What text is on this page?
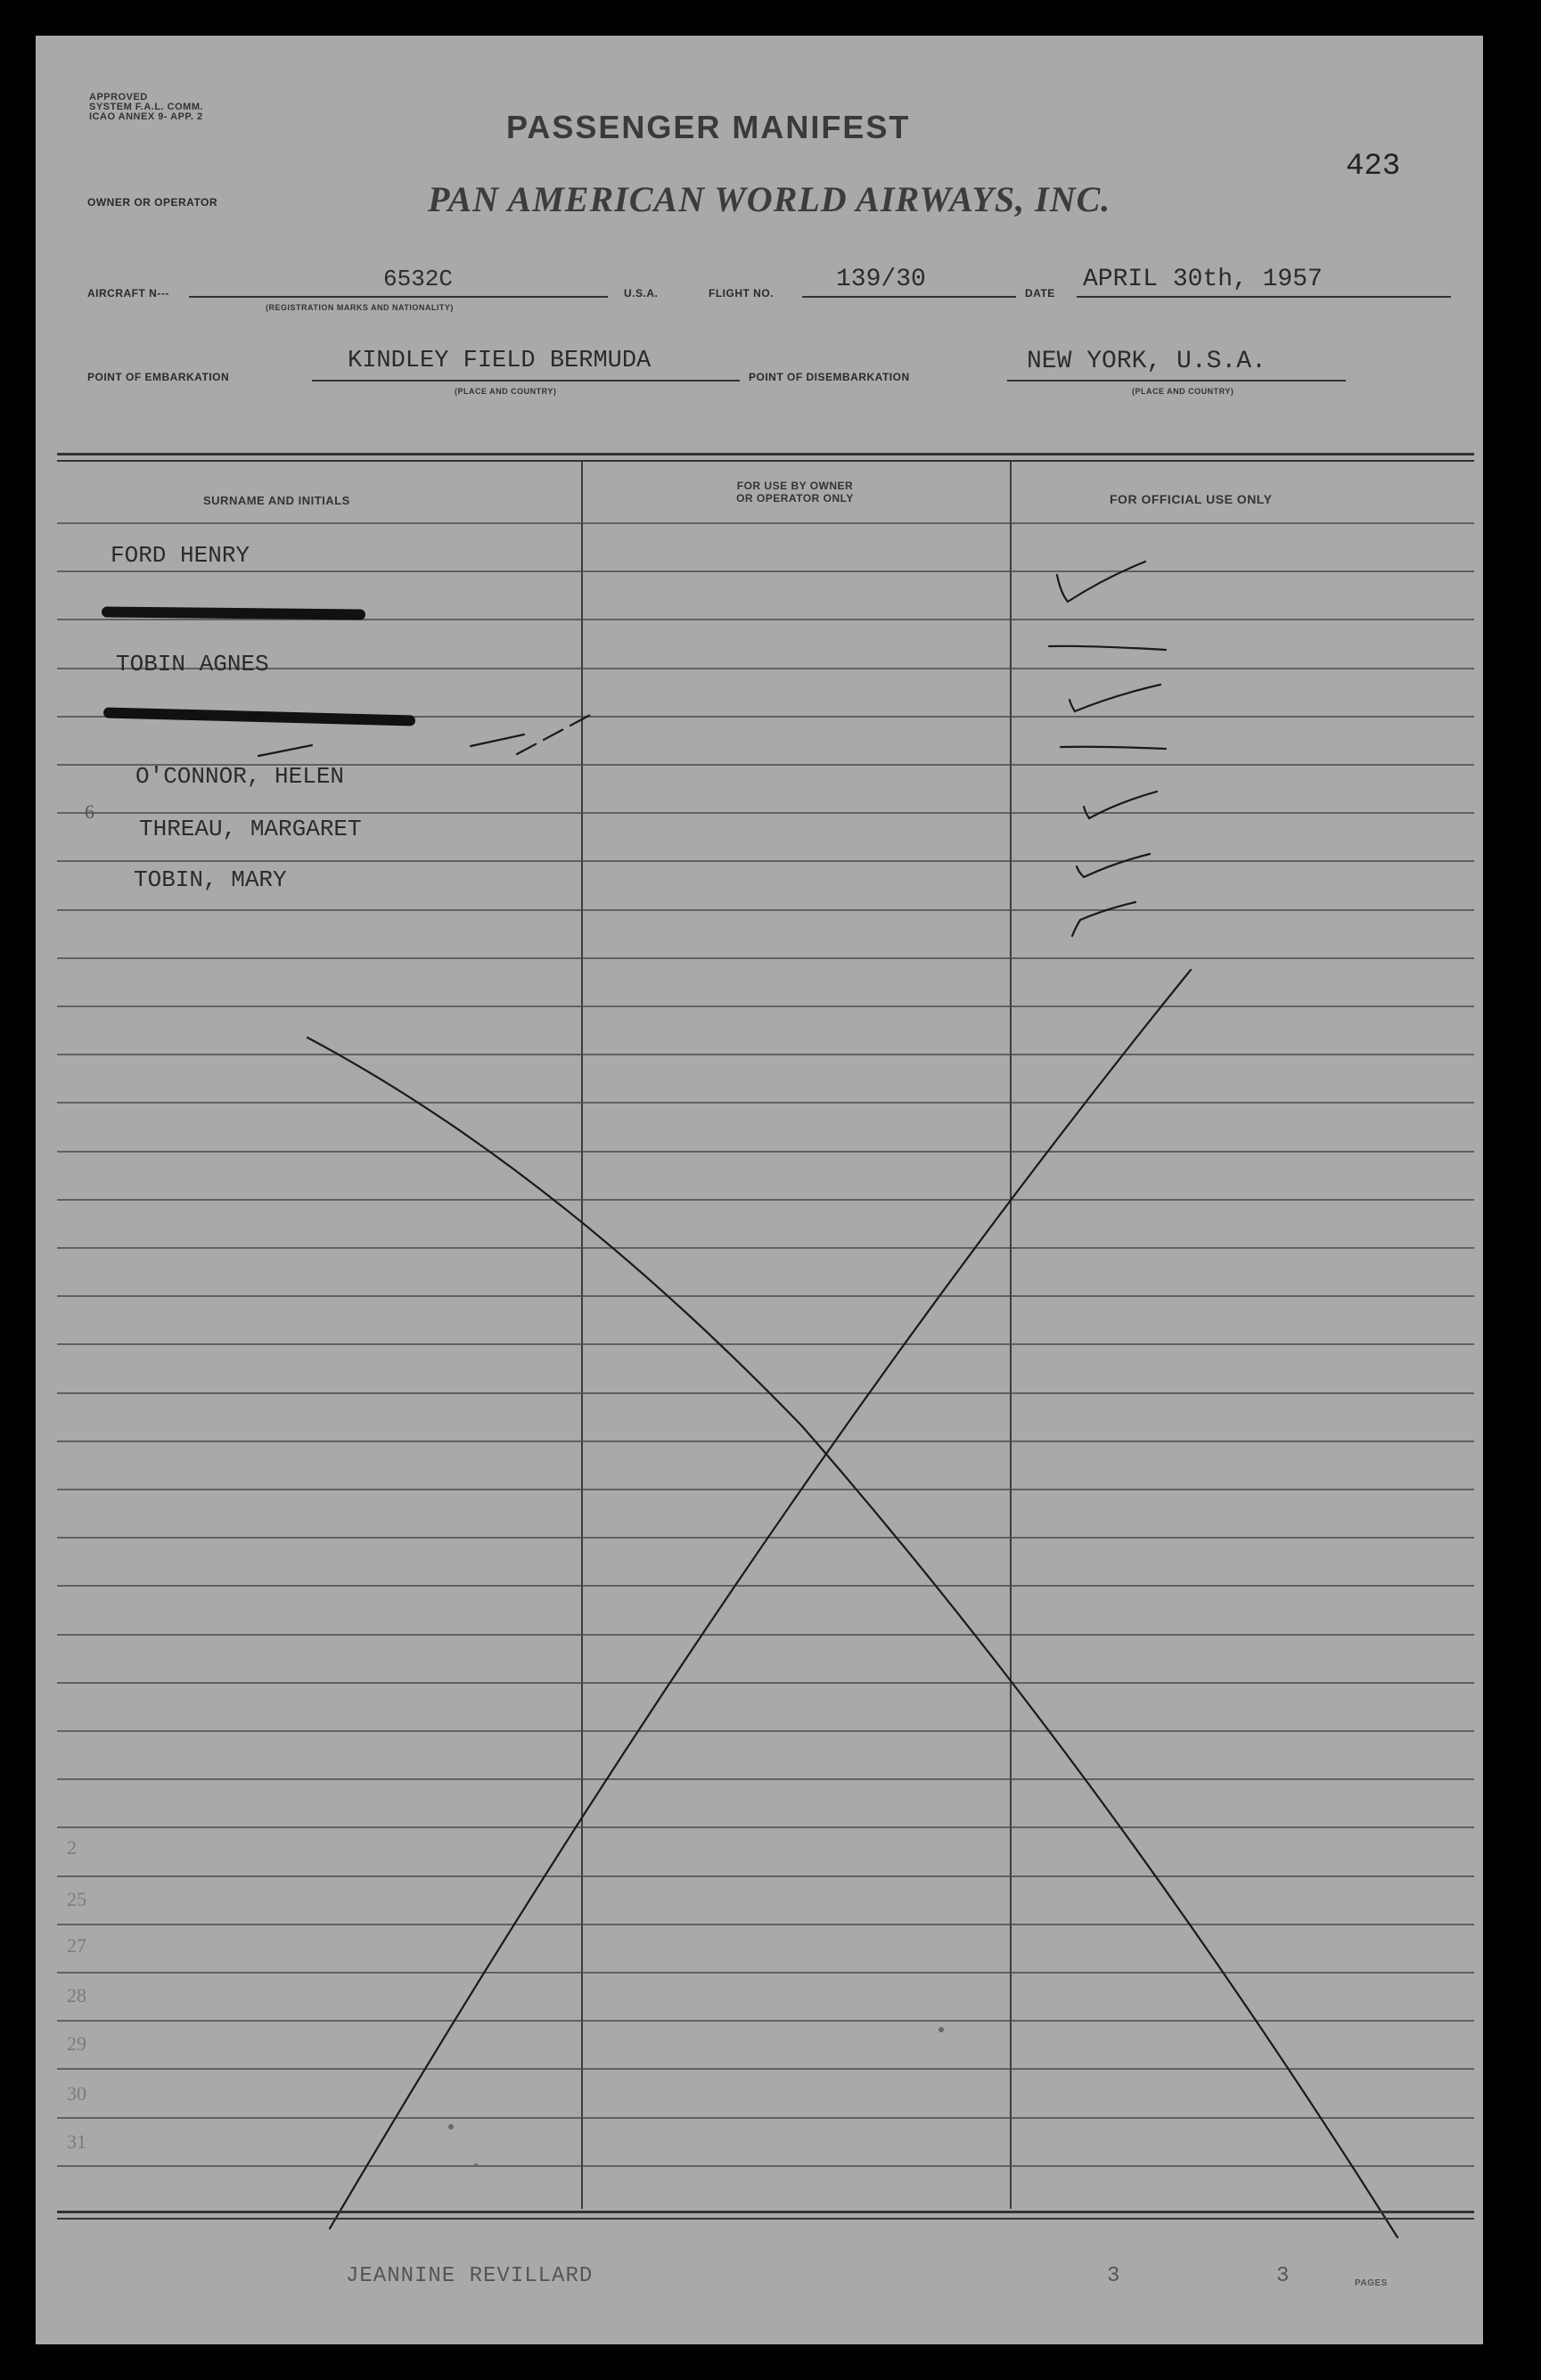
APPROVED
SYSTEM F.A.L. COMM.
ICAO ANNEX 9- APP. 2	PASSENGER MANIFEST
423
OWNER OR OPERATOR	PAN AMERICAN WORLD AIRWAYS, INC.
AIRCRAFT N---
6532C
(REGISTRATION MARKS AND NATIONALITY)
U.S.A.	FLIGHT NO.	139/30	DATE APRIL 30th, 1957
POINT OF EMBARKATION
KINDLEY FIELD BERMUDA
(PLACE AND COUNTRY)
POINT OF DISEMBARKATION
NEW YORK, U.S.A.
(PLACE AND COUNTRY)
SURNAME AND INITIALS
FOR USE BY OWNER
OR OPERATOR ONLY	FOR OFFICIAL USE ONLY
FORD HENRY
TOBIN AGNES
O'CONNOR, HELEN
6
THREAU, MARGARET
TOBIN, MARY
2
25
27
28
29
30
31
JEANNINE REVILLARD	3	3	PAGES
